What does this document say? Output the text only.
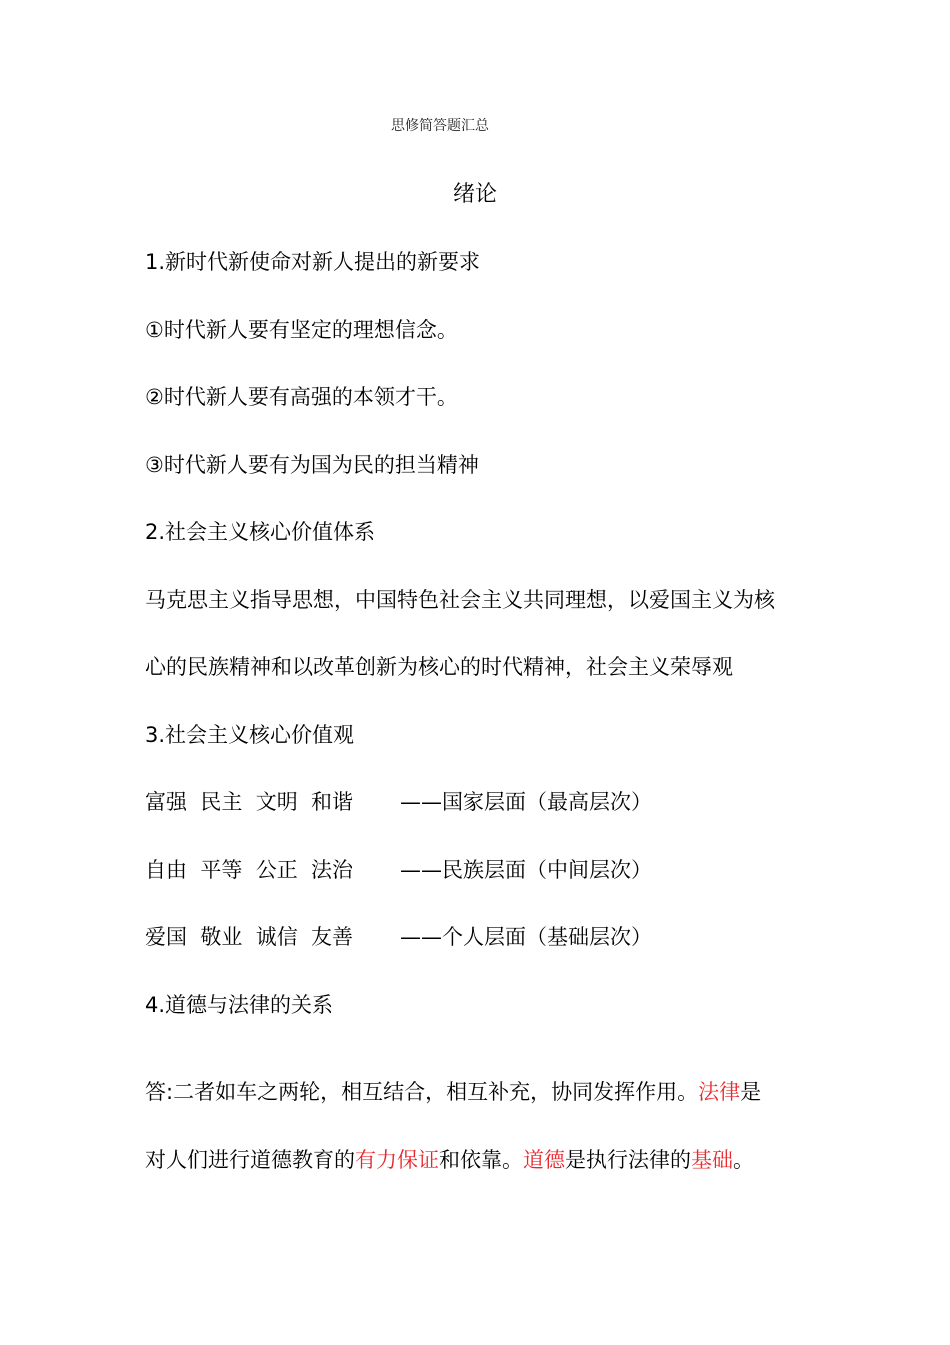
思修简答题汇总
绪论
1.新时代新使命对新人提出的新要求
①时代新人要有坚定的理想信念。
②时代新人要有高强的本领才干。
③时代新人要有为国为民的担当精神
2.社会主义核心价值体系
马克思主义指导思想，中国特色社会主义共同理想，以爱国主义为核
心的民族精神和以改革创新为核心的时代精神，社会主义荣辱观
3.社会主义核心价值观
富强  民主  文明  和谐 ——国家层面（最高层次）
自由  平等  公正  法治 ——民族层面（中间层次）
爱国  敬业  诚信  友善 ——个人层面（基础层次）
4.道德与法律的关系
答:二者如车之两轮，相互结合，相互补充，协同发挥作用。法律是
对人们进行道德教育的有力保证和依靠。道德是执行法律的基础。
